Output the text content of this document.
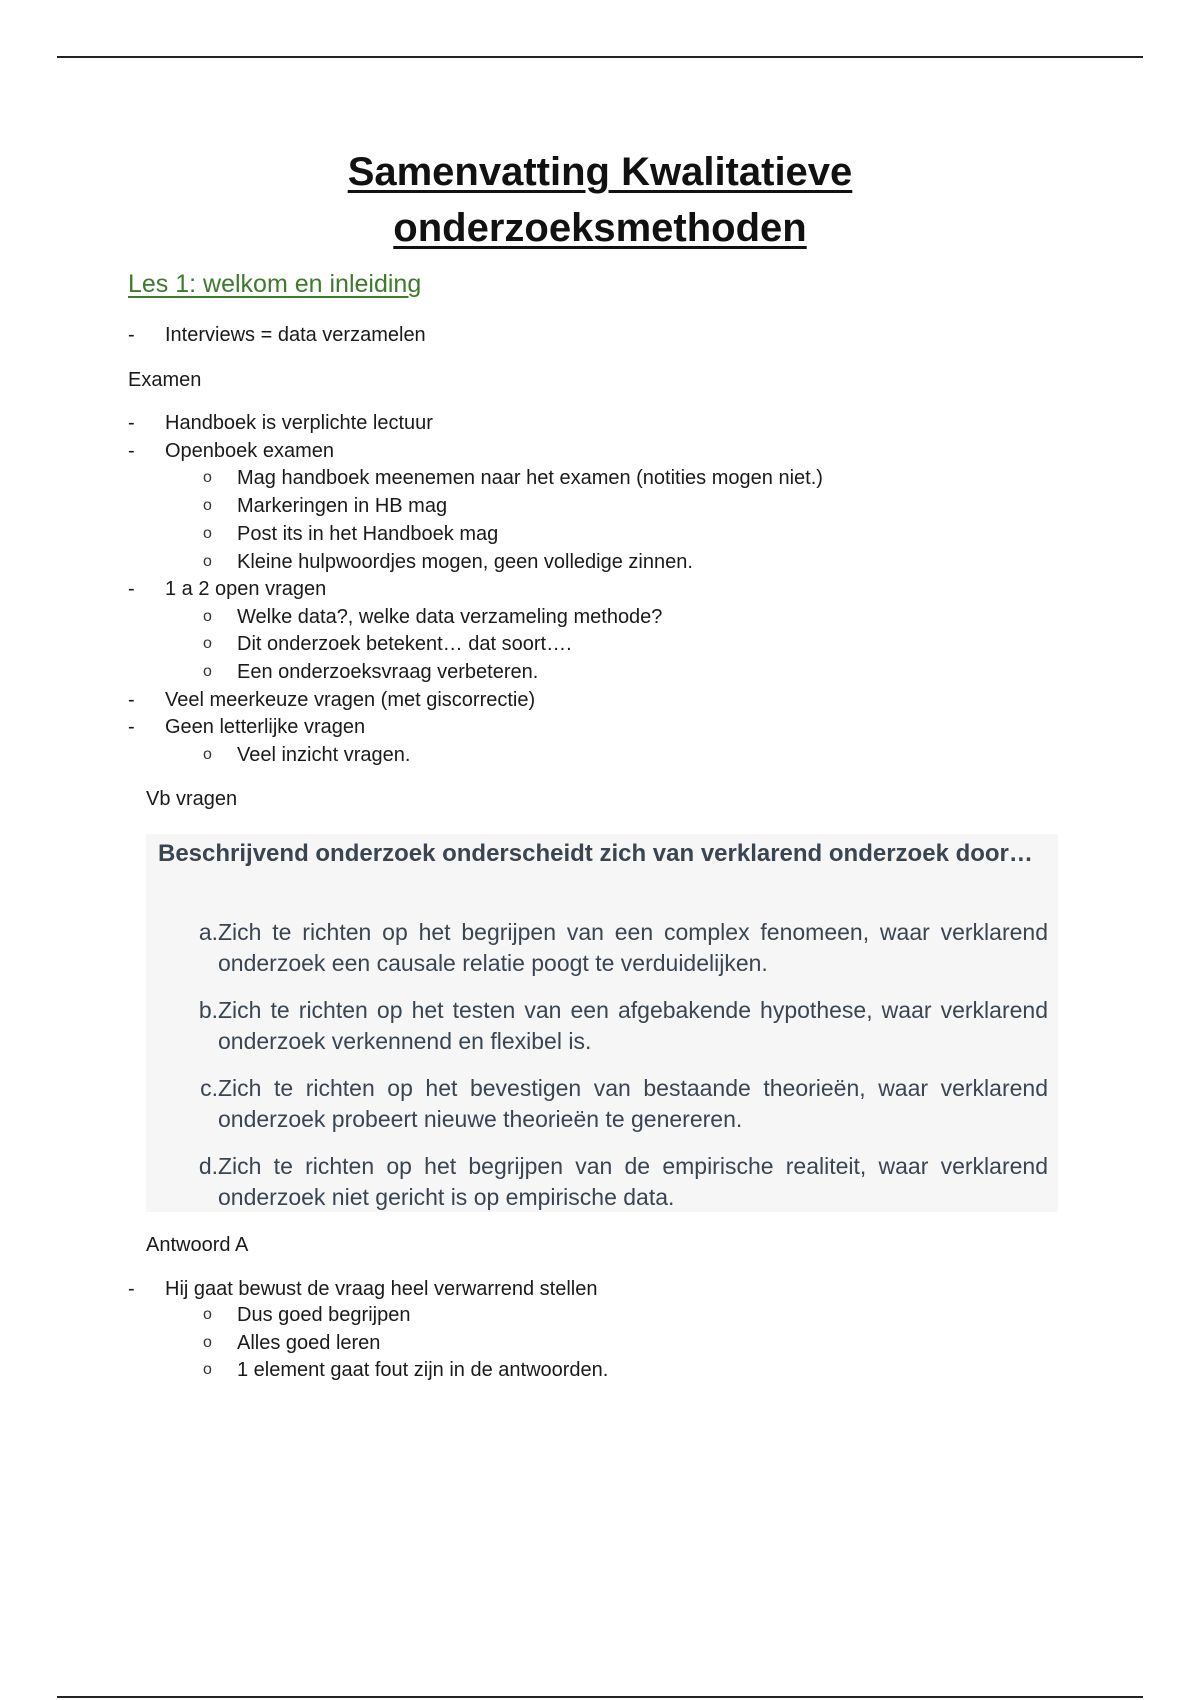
Samenvatting Kwalitatieve
onderzoeksmethoden
Les 1: welkom en inleiding
- Interviews = data verzamelen
Examen
- Handboek is verplichte lectuur
- Openboek examen
o Mag handboek meenemen naar het examen (notities mogen niet.)
o Markeringen in HB mag
o Post its in het Handboek mag
o Kleine hulpwoordjes mogen, geen volledige zinnen.
- 1 a 2 open vragen
o Welke data?, welke data verzameling methode?
o Dit onderzoek betekent… dat soort….
o Een onderzoeksvraag verbeteren.
- Veel meerkeuze vragen (met giscorrectie)
- Geen letterlijke vragen
o Veel inzicht vragen.
Vb vragen
Beschrijvend onderzoek onderscheidt zich van verklarend onderzoek door…
a. Zich te richten op het begrijpen van een complex fenomeen, waar verklarend onderzoek een causale relatie poogt te verduidelijken.
b. Zich te richten op het testen van een afgebakende hypothese, waar verklarend onderzoek verkennend en flexibel is.
c. Zich te richten op het bevestigen van bestaande theorieën, waar verklarend onderzoek probeert nieuwe theorieën te genereren.
d. Zich te richten op het begrijpen van de empirische realiteit, waar verklarend onderzoek niet gericht is op empirische data.
Antwoord A
- Hij gaat bewust de vraag heel verwarrend stellen
o Dus goed begrijpen
o Alles goed leren
o 1 element gaat fout zijn in de antwoorden.
